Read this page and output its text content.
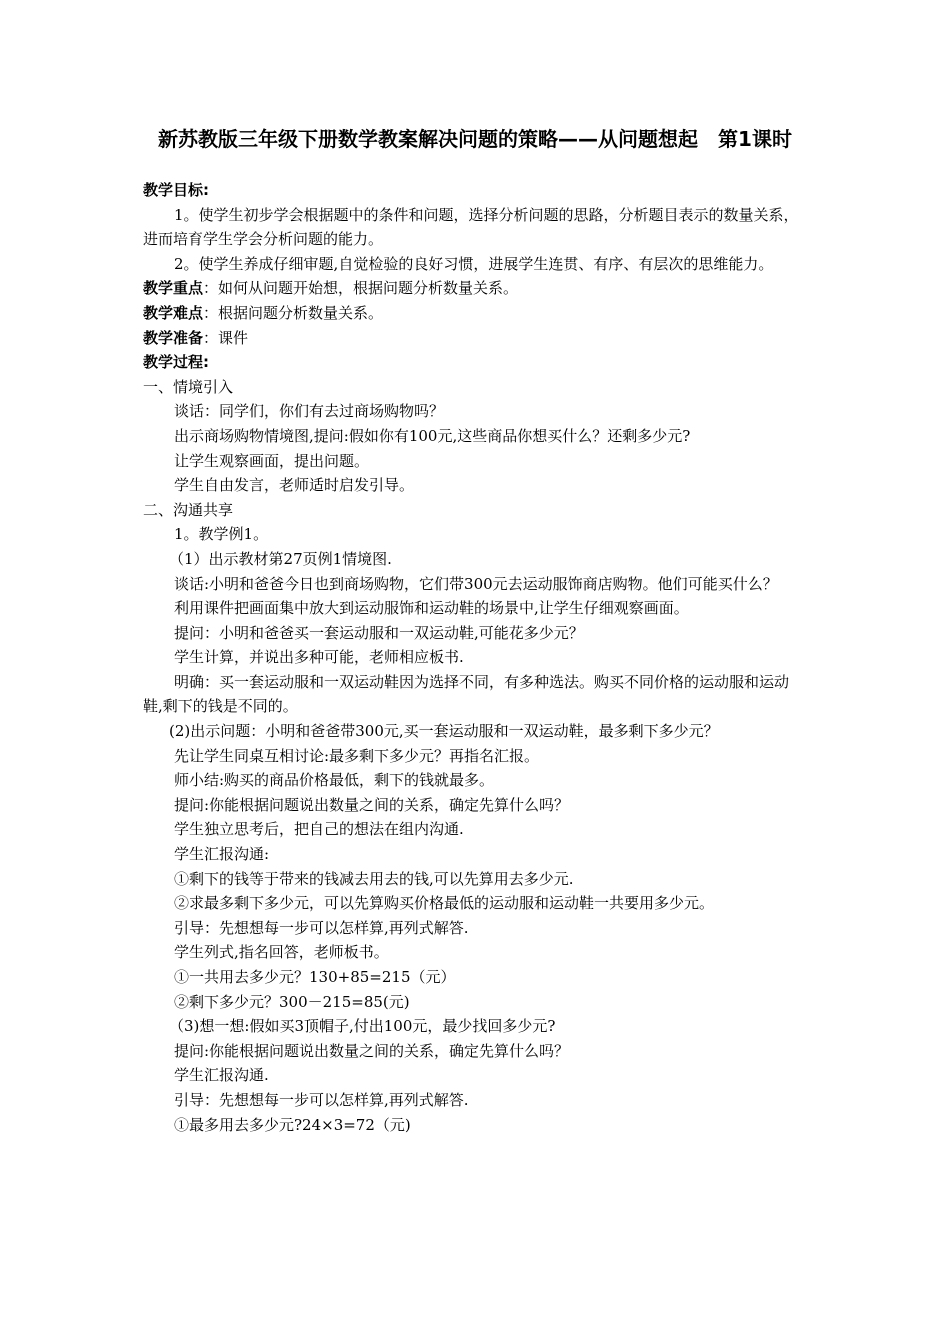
新苏教版三年级下册数学教案解决问题的策略——从问题想起　第1课时

教学目标:

1。使学生初步学会根据题中的条件和问题，选择分析问题的思路，分析题目表示的数量关系，进而培育学生学会分析问题的能力。

2。使学生养成仔细审题,自觉检验的良好习惯，进展学生连贯、有序、有层次的思维能力。

教学重点：如何从问题开始想，根据问题分析数量关系。

教学难点：根据问题分析数量关系。

教学准备：课件

教学过程:

一、情境引入

谈话：同学们，你们有去过商场购物吗？

出示商场购物情境图,提问:假如你有100元,这些商品你想买什么？还剩多少元?

让学生观察画面，提出问题。

学生自由发言，老师适时启发引导。

二、沟通共享

1。教学例1。

（1）出示教材第27页例1情境图.

谈话:小明和爸爸今日也到商场购物，它们带300元去运动服饰商店购物。他们可能买什么？

利用课件把画面集中放大到运动服饰和运动鞋的场景中,让学生仔细观察画面。

提问：小明和爸爸买一套运动服和一双运动鞋,可能花多少元？

学生计算，并说出多种可能，老师相应板书.

明确：买一套运动服和一双运动鞋因为选择不同，有多种选法。购买不同价格的运动服和运动鞋,剩下的钱是不同的。

(2)出示问题：小明和爸爸带300元,买一套运动服和一双运动鞋，最多剩下多少元？

先让学生同桌互相讨论:最多剩下多少元？再指名汇报。

师小结:购买的商品价格最低，剩下的钱就最多。

提问:你能根据问题说出数量之间的关系，确定先算什么吗？

学生独立思考后，把自己的想法在组内沟通.

学生汇报沟通:

①剩下的钱等于带来的钱减去用去的钱,可以先算用去多少元.

②求最多剩下多少元，可以先算购买价格最低的运动服和运动鞋一共要用多少元。

引导：先想想每一步可以怎样算,再列式解答.

学生列式,指名回答，老师板书。

①一共用去多少元？130+85=215（元）

②剩下多少元？300－215=85(元)

（3)想一想:假如买3顶帽子,付出100元，最少找回多少元?

提问:你能根据问题说出数量之间的关系，确定先算什么吗？

学生汇报沟通.

引导：先想想每一步可以怎样算,再列式解答.

①最多用去多少元?24×3=72（元)
